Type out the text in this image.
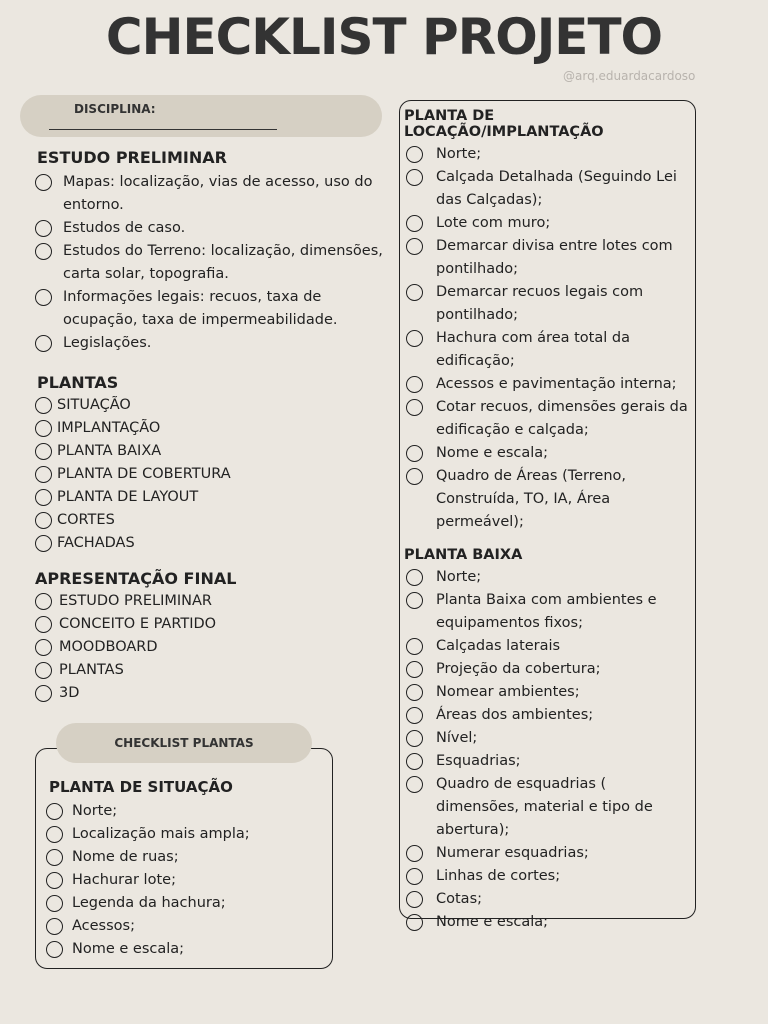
CHECKLIST PROJETO
@arq.eduardacardoso
DISCIPLINA:
ESTUDO PRELIMINAR
Mapas: localização, vias de acesso, uso do entorno.
Estudos de caso.
Estudos do Terreno: localização, dimensões, carta solar, topografia.
Informações legais: recuos, taxa de ocupação, taxa de impermeabilidade.
Legislações.
PLANTAS
SITUAÇÃO
IMPLANTAÇÃO
PLANTA BAIXA
PLANTA DE COBERTURA
PLANTA DE LAYOUT
CORTES
FACHADAS
APRESENTAÇÃO FINAL
ESTUDO PRELIMINAR
CONCEITO E PARTIDO
MOODBOARD
PLANTAS
3D
CHECKLIST PLANTAS
PLANTA DE SITUAÇÃO
Norte;
Localização mais ampla;
Nome de ruas;
Hachurar lote;
Legenda da hachura;
Acessos;
Nome e escala;
PLANTA DE LOCAÇÃO/IMPLANTAÇÃO
Norte;
Calçada Detalhada (Seguindo Lei das Calçadas);
Lote com muro;
Demarcar divisa entre lotes com pontilhado;
Demarcar recuos legais com pontilhado;
Hachura com área total da edificação;
Acessos e pavimentação interna;
Cotar recuos, dimensões gerais da edificação e calçada;
Nome e escala;
Quadro de Áreas (Terreno, Construída, TO, IA, Área permeável);
PLANTA BAIXA
Norte;
Planta Baixa com ambientes e equipamentos fixos;
Calçadas laterais
Projeção da cobertura;
Nomear ambientes;
Áreas dos ambientes;
Nível;
Esquadrias;
Quadro de esquadrias ( dimensões, material e tipo de abertura);
Numerar esquadrias;
Linhas de cortes;
Cotas;
Nome e escala;
